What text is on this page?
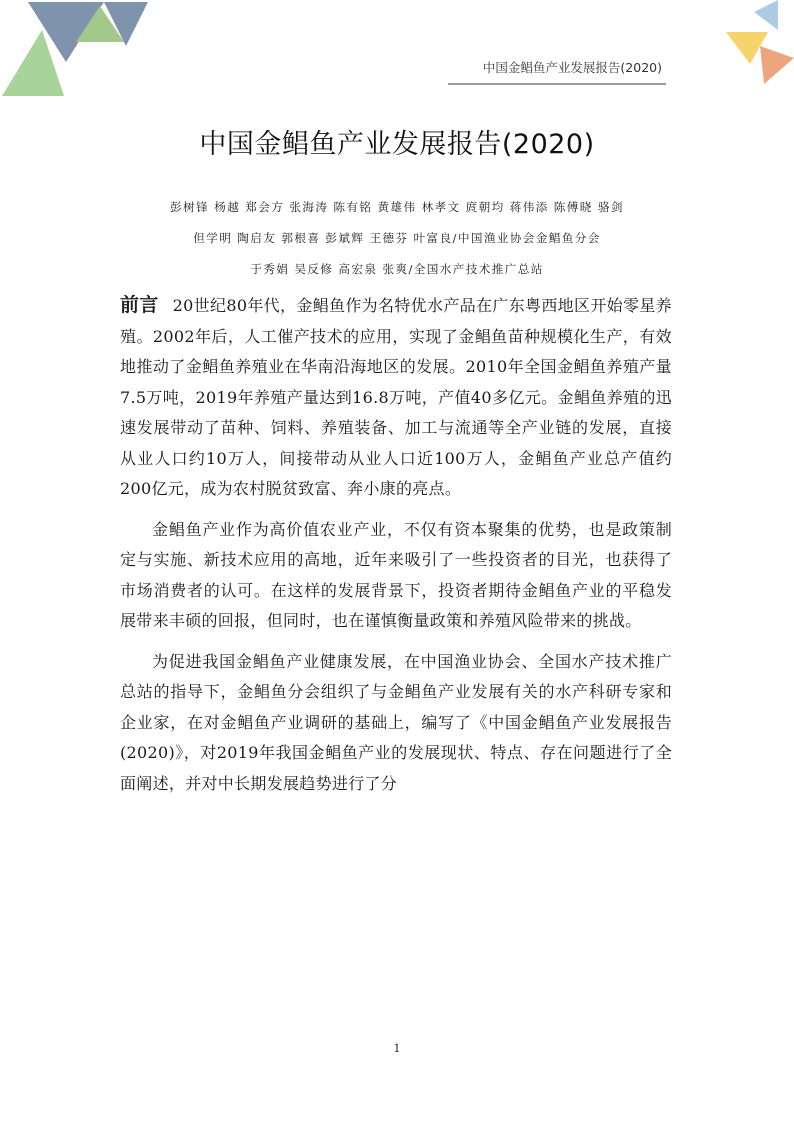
中国金鲳鱼产业发展报告(2020)
中国金鲳鱼产业发展报告(2020)
彭树锋 杨越 郑会方 张海涛 陈有铭 黄雄伟 林孝文 庹朝均 蒋伟添 陈傅晓 骆剑
但学明 陶启友 郭根喜 彭斌辉 王德芬 叶富良/中国渔业协会金鲳鱼分会
于秀娟 吴反修 高宏泉 张爽/全国水产技术推广总站

前言 20世纪80年代，金鲳鱼作为名特优水产品在广东粤西地区开始零星养殖。2002年后，人工催产技术的应用，实现了金鲳鱼苗种规模化生产，有效地推动了金鲳鱼养殖业在华南沿海地区的发展。2010年全国金鲳鱼养殖产量7.5万吨，2019年养殖产量达到16.8万吨，产值40多亿元。金鲳鱼养殖的迅速发展带动了苗种、饲料、养殖装备、加工与流通等全产业链的发展，直接从业人口约10万人，间接带动从业人口近100万人，金鲳鱼产业总产值约200亿元，成为农村脱贫致富、奔小康的亮点。

金鲳鱼产业作为高价值农业产业，不仅有资本聚集的优势，也是政策制定与实施、新技术应用的高地，近年来吸引了一些投资者的目光，也获得了市场消费者的认可。在这样的发展背景下，投资者期待金鲳鱼产业的平稳发展带来丰硕的回报，但同时，也在谨慎衡量政策和养殖风险带来的挑战。

为促进我国金鲳鱼产业健康发展，在中国渔业协会、全国水产技术推广总站的指导下，金鲳鱼分会组织了与金鲳鱼产业发展有关的水产科研专家和企业家，在对金鲳鱼产业调研的基础上，编写了《中国金鲳鱼产业发展报告(2020)》，对2019年我国金鲳鱼产业的发展现状、特点、存在问题进行了全面阐述，并对中长期发展趋势进行了分

1
